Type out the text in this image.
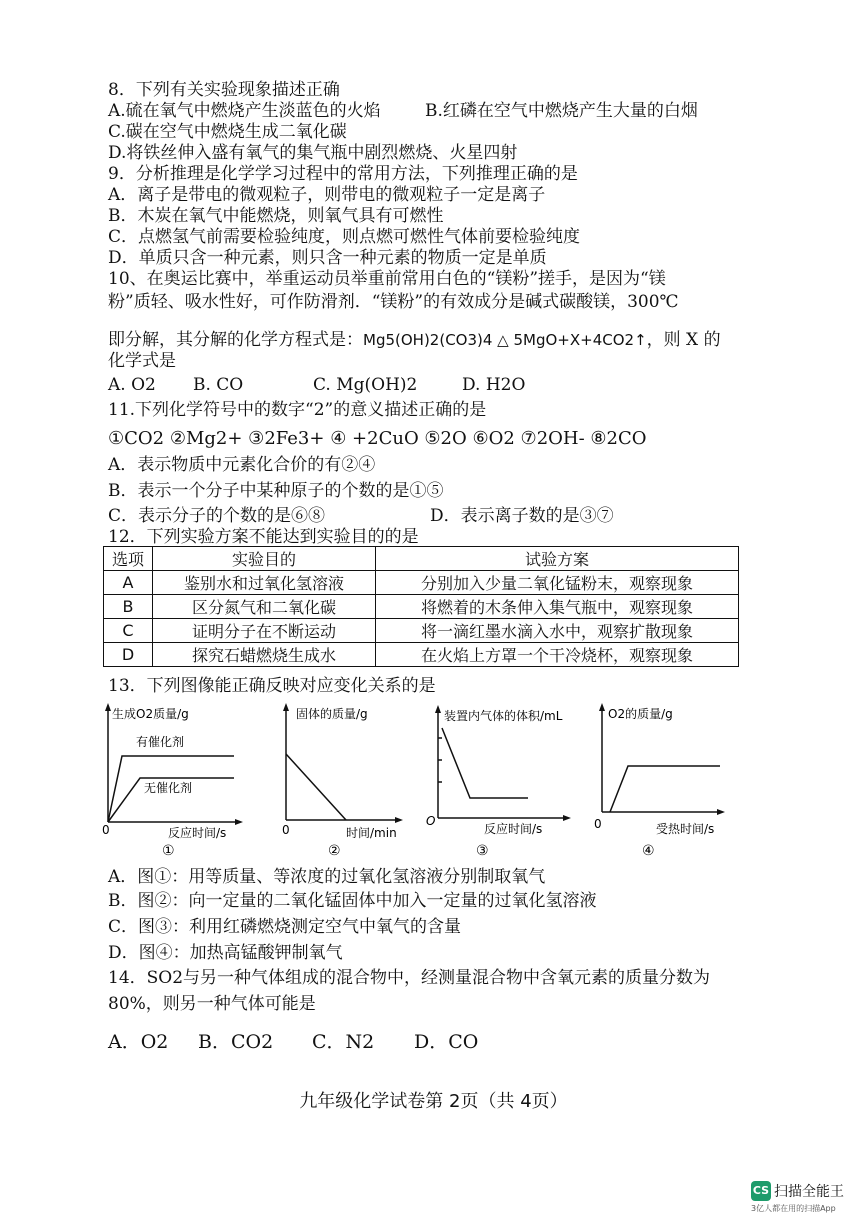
8．下列有关实验现象描述正确
A.硫在氧气中燃烧产生淡蓝色的火焰	B.红磷在空气中燃烧产生大量的白烟
C.碳在空气中燃烧生成二氧化碳
D.将铁丝伸入盛有氧气的集气瓶中剧烈燃烧、火星四射
9．分析推理是化学学习过程中的常用方法，下列推理正确的是
A．离子是带电的微观粒子，则带电的微观粒子一定是离子
B．木炭在氧气中能燃烧，则氧气具有可燃性
C．点燃氢气前需要检验纯度，则点燃可燃性气体前要检验纯度
D．单质只含一种元素，则只含一种元素的物质一定是单质
10、在奥运比赛中，举重运动员举重前常用白色的“镁粉”搓手，是因为“镁
粉”质轻、吸水性好，可作防滑剂．“镁粉”的有效成分是碱式碳酸镁，300℃
即分解，其分解的化学方程式是：Mg5(OH)2(CO3)4 △ 5MgO+X+4CO2↑，则 X 的
化学式是
A. O2 B. CO	C. Mg(OH)2	D. H2O
11.下列化学符号中的数字“2”的意义描述正确的是
①CO2 ②Mg2+ ③2Fe3+ ④ +2CuO ⑤2O ⑥O2 ⑦2OH- ⑧2CO
A．表示物质中元素化合价的有②④
B．表示一个分子中某种原子的个数的是①⑤
C．表示分子的个数的是⑥⑧	D．表示离子数的是③⑦
12．下列实验方案不能达到实验目的的是
选项	实验目的	试验方案
A	鉴别水和过氧化氢溶液	分别加入少量二氧化锰粉末，观察现象
B	区分氮气和二氧化碳	将燃着的木条伸入集气瓶中，观察现象
C	证明分子在不断运动	将一滴红墨水滴入水中，观察扩散现象
D	探究石蜡燃烧生成水	在火焰上方罩一个干冷烧杯，观察现象
13．下列图像能正确反映对应变化关系的是
生成O2质量/g
有催化剂
无催化剂
0	反应时间/s
①
固体的质量/g
0	时间/min
②
装置内气体的体积/mL
O
反应时间/s
③
O2的质量/g
0	受热时间/s
④
A．图①：用等质量、等浓度的过氧化氢溶液分别制取氧气
B．图②：向一定量的二氧化锰固体中加入一定量的过氧化氢溶液
C．图③：利用红磷燃烧测定空气中氧气的含量
D．图④：加热高锰酸钾制氧气
14．SO2与另一种气体组成的混合物中，经测量混合物中含氧元素的质量分数为
80%，则另一种气体可能是
A．O2 B．CO2 C．N2 D．CO
九年级化学试卷第 2页（共 4页）
CS 扫描全能王
3亿人都在用的扫描App
